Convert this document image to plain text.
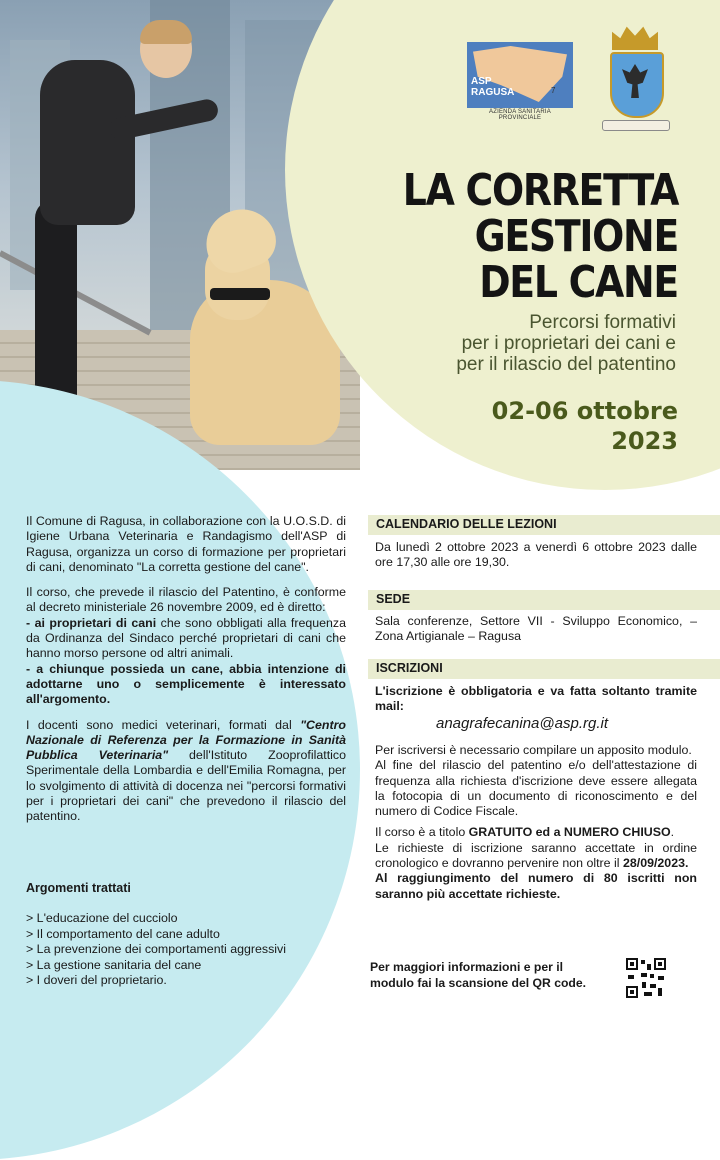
ASP RAGUSA	7
AZIENDA SANITARIA PROVINCIALE
LA CORRETTA
GESTIONE
DEL CANE
Percorsi formativi
per i proprietari dei cani e
per il rilascio del patentino
02-06 ottobre
2023

Il Comune di Ragusa, in collaborazione con la U.O.S.D. di Igiene Urbana Veterinaria e Randagismo dell'ASP di Ragusa, organizza un corso di formazione per proprietari di cani, denominato "La corretta gestione del cane".

Il corso, che prevede il rilascio del Patentino, è conforme al decreto ministeriale 26 novembre 2009, ed è diretto:
- ai proprietari di cani che sono obbligati alla frequenza da Ordinanza del Sindaco perché proprietari di cani che hanno morso persone od altri animali.
- a chiunque possieda un cane, abbia intenzione di adottarne uno o semplicemente è interessato all'argomento.

I docenti sono medici veterinari, formati dal "Centro Nazionale di Referenza per la Formazione in Sanità Pubblica Veterinaria" dell'Istituto Zooprofilattico Sperimentale della Lombardia e dell'Emilia Romagna, per lo svolgimento di attività di docenza nei "percorsi formativi per i proprietari dei cani" che prevedono il rilascio del patentino.

Argomenti trattati
> L'educazione del cucciolo
> Il comportamento del cane adulto
> La prevenzione dei comportamenti aggressivi
> La gestione sanitaria del cane
> I doveri del proprietario.
CALENDARIO DELLE LEZIONI
Da lunedì 2 ottobre 2023 a venerdì 6 ottobre 2023 dalle ore 17,30 alle ore 19,30.
SEDE
Sala conferenze, Settore VII - Sviluppo Economico, – Zona Artigianale – Ragusa
ISCRIZIONI
L'iscrizione è obbligatoria e va fatta soltanto tramite mail:
anagrafecanina@asp.rg.it

Per iscriversi è necessario compilare un apposito modulo.

Al fine del rilascio del patentino e/o dell'attestazione di frequenza alla richiesta d'iscrizione deve essere allegata la fotocopia di un documento di riconoscimento e del numero di Codice Fiscale.

Il corso è a titolo GRATUITO ed a NUMERO CHIUSO.

Le richieste di iscrizione saranno accettate in ordine cronologico e dovranno pervenire non oltre il 28/09/2023.

Al raggiungimento del numero di 80 iscritti non saranno più accettate richieste.

Per maggiori informazioni e per il modulo fai la scansione del QR code.
